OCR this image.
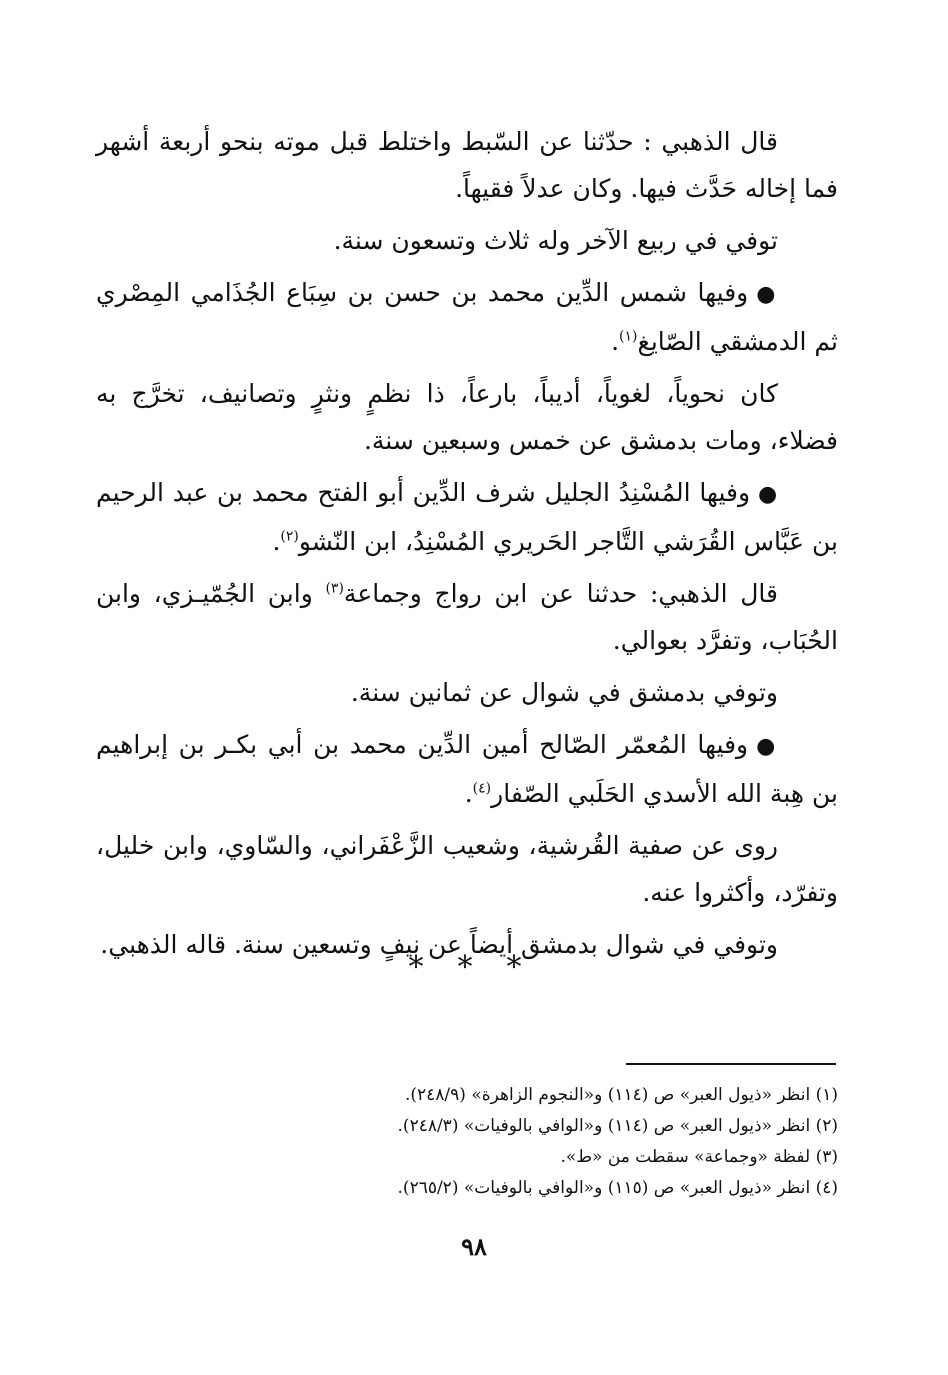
قال الذهبي : حدّثنا عن السّبط واختلط قبل موته بنحو أربعة أشهر فما إخاله حَدَّث فيها. وكان عدلاً فقيهاً.

توفي في ربيع الآخر وله ثلاث وتسعون سنة.

●وفيها شمس الدِّين محمد بن حسن بن سِبَاع الجُذَامي المِصْري ثم الدمشقي الصّايغ$^{(١)}$.

كان نحوياً، لغوياً، أديباً، بارعاً، ذا نظمٍ ونثرٍ وتصانيف، تخرَّج به فضلاء، ومات بدمشق عن خمس وسبعين سنة.

●وفيها المُسْنِدُ الجليل شرف الدِّين أبو الفتح محمد بن عبد الرحيم بن عَبَّاس القُرَشي التَّاجر الحَريري المُسْنِدُ، ابن النّشو$^{(٢)}$.

قال الذهبي: حدثنا عن ابن رواج وجماعة$^{(٣)}$ وابن الجُمّيـزي، وابن الحُبَاب، وتفرَّد بعوالي.

وتوفي بدمشق في شوال عن ثمانين سنة.

●وفيها المُعمّر الصّالح أمين الدِّين محمد بن أبي بكـر بن إبراهيم بن هِبة الله الأسدي الحَلَبي الصّفار$^{(٤)}$.

روى عن صفية القُرشية، وشعيب الزَّعْفَراني، والسّاوي، وابن خليل، وتفرّد، وأكثروا عنه.

وتوفي في شوال بدمشق أيضاً عن نيفٍ وتسعين سنة. قاله الذهبي.

* * *

(١) انظر «ذيول العبر» ص (١١٤) و«النجوم الزاهرة» (٢٤٨/٩).

(٢) انظر «ذيول العبر» ص (١١٤) و«الوافي بالوفيات» (٢٤٨/٣).

(٣) لفظة «وجماعة» سقطت من «ط».

(٤) انظر «ذيول العبر» ص (١١٥) و«الوافي بالوفيات» (٢٦٥/٢).

٩٨
